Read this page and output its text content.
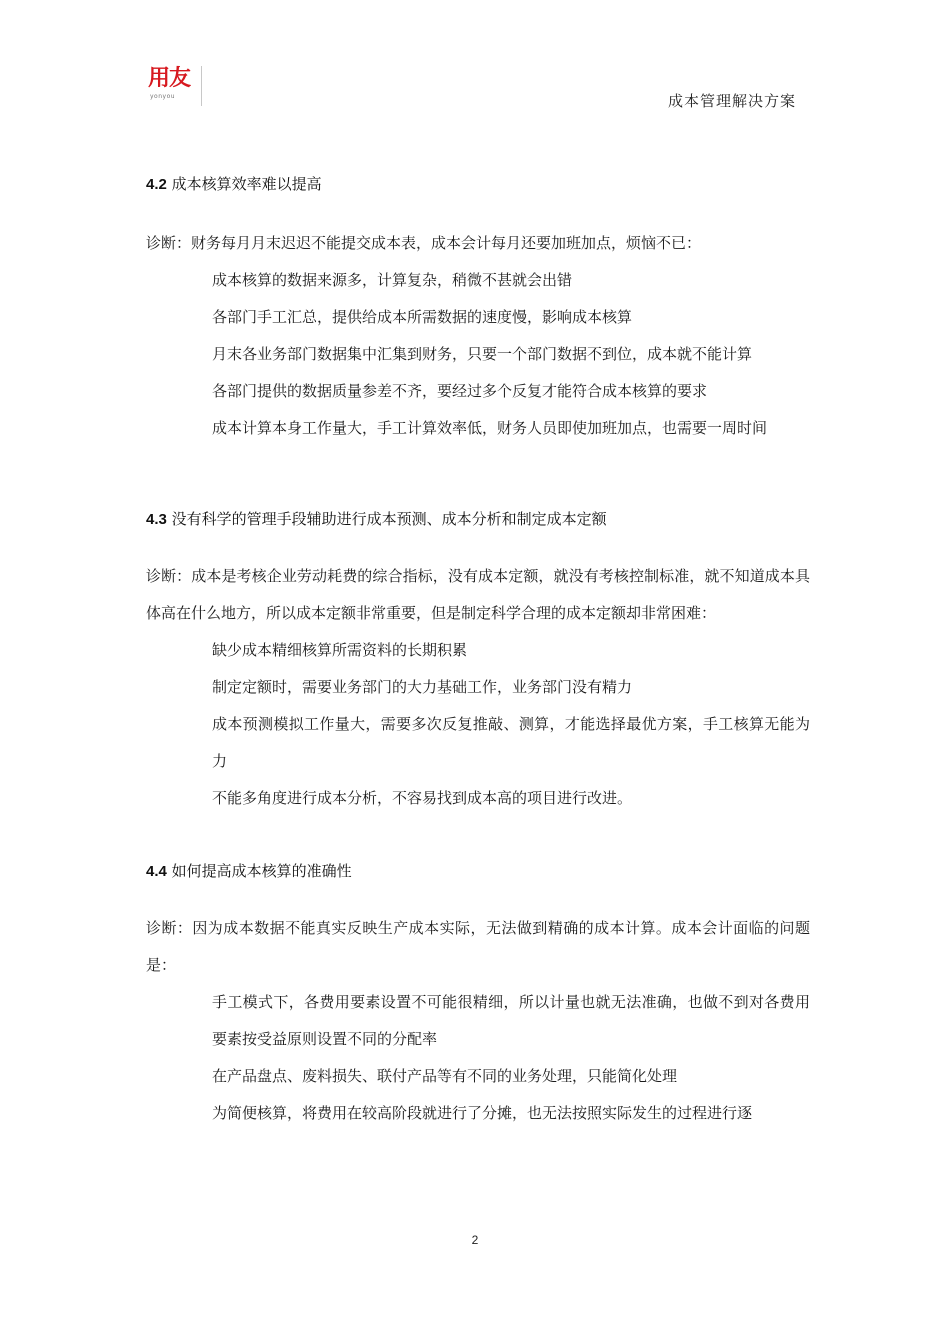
用友
yonyou	成本管理解决方案

4.2 成本核算效率难以提高

诊断：财务每月月末迟迟不能提交成本表，成本会计每月还要加班加点，烦恼不已：

成本核算的数据来源多，计算复杂，稍微不甚就会出错
各部门手工汇总，提供给成本所需数据的速度慢，影响成本核算
月末各业务部门数据集中汇集到财务，只要一个部门数据不到位，成本就不能计算
各部门提供的数据质量参差不齐，要经过多个反复才能符合成本核算的要求
成本计算本身工作量大，手工计算效率低，财务人员即使加班加点，也需要一周时间

4.3 没有科学的管理手段辅助进行成本预测、成本分析和制定成本定额

诊断：成本是考核企业劳动耗费的综合指标，没有成本定额，就没有考核控制标准，就不知道成本具体高在什么地方，所以成本定额非常重要，但是制定科学合理的成本定额却非常困难：

缺少成本精细核算所需资料的长期积累
制定定额时，需要业务部门的大力基础工作，业务部门没有精力
成本预测模拟工作量大，需要多次反复推敲、测算，才能选择最优方案，手工核算无能为力
不能多角度进行成本分析，不容易找到成本高的项目进行改进。

4.4 如何提高成本核算的准确性

诊断：因为成本数据不能真实反映生产成本实际，无法做到精确的成本计算。成本会计面临的问题是：

手工模式下，各费用要素设置不可能很精细，所以计量也就无法准确，也做不到对各费用要素按受益原则设置不同的分配率
在产品盘点、废料损失、联付产品等有不同的业务处理，只能简化处理
为简便核算，将费用在较高阶段就进行了分摊，也无法按照实际发生的过程进行逐
2
